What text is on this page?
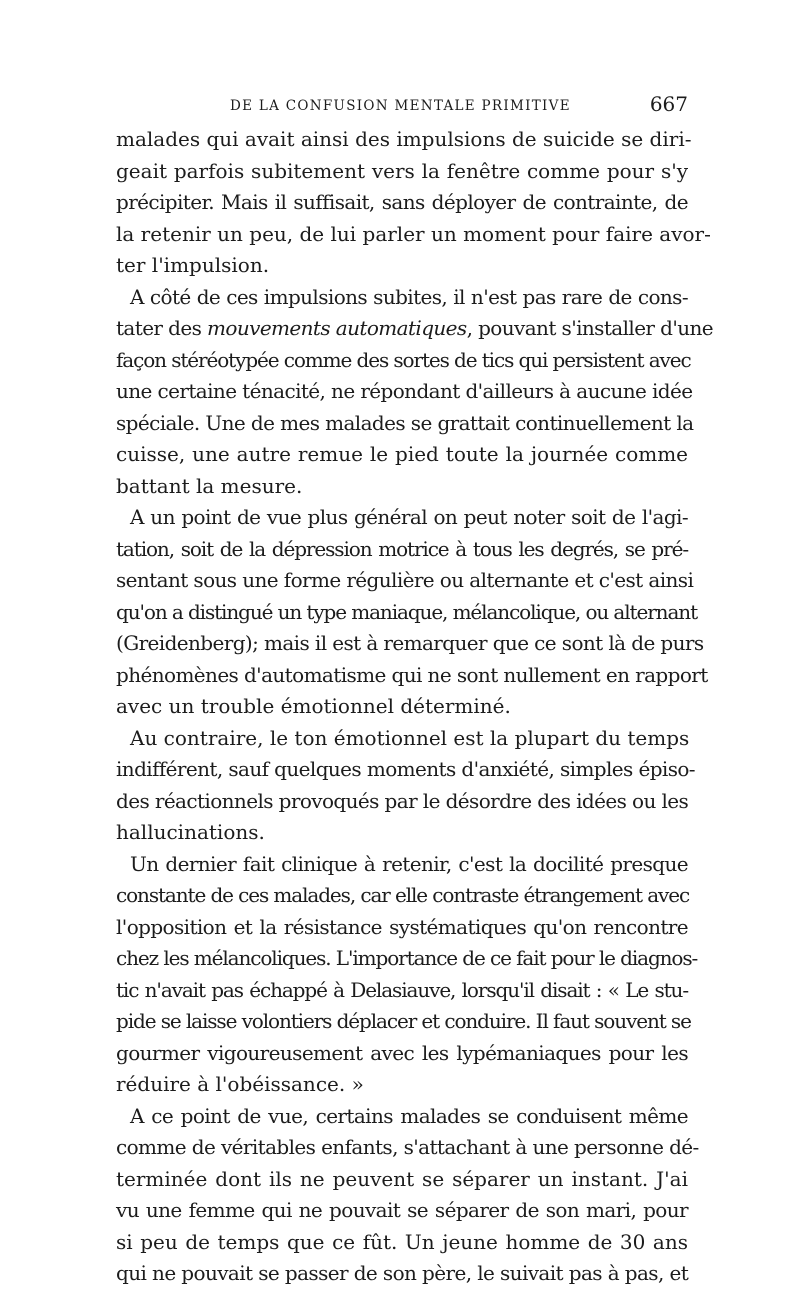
DE LA CONFUSION MENTALE PRIMITIVE	667
malades qui avait ainsi des impulsions de suicide se diri-
geait parfois subitement vers la fenêtre comme pour s'y
précipiter. Mais il suffisait, sans déployer de contrainte, de
la retenir un peu, de lui parler un moment pour faire avor-
ter l'impulsion.
A côté de ces impulsions subites, il n'est pas rare de cons-
tater des mouvements automatiques, pouvant s'installer d'une
façon stéréotypée comme des sortes de tics qui persistent avec
une certaine ténacité, ne répondant d'ailleurs à aucune idée
spéciale. Une de mes malades se grattait continuellement la
cuisse, une autre remue le pied toute la journée comme
battant la mesure.
A un point de vue plus général on peut noter soit de l'agi-
tation, soit de la dépression motrice à tous les degrés, se pré-
sentant sous une forme régulière ou alternante et c'est ainsi
qu'on a distingué un type maniaque, mélancolique, ou alternant
(Greidenberg); mais il est à remarquer que ce sont là de purs
phénomènes d'automatisme qui ne sont nullement en rapport
avec un trouble émotionnel déterminé.
Au contraire, le ton émotionnel est la plupart du temps
indifférent, sauf quelques moments d'anxiété, simples épiso-
des réactionnels provoqués par le désordre des idées ou les
hallucinations.
Un dernier fait clinique à retenir, c'est la docilité presque
constante de ces malades, car elle contraste étrangement avec
l'opposition et la résistance systématiques qu'on rencontre
chez les mélancoliques. L'importance de ce fait pour le diagnos-
tic n'avait pas échappé à Delasiauve, lorsqu'il disait : « Le stu-
pide se laisse volontiers déplacer et conduire. Il faut souvent se
gourmer vigoureusement avec les lypémaniaques pour les
réduire à l'obéissance. »
A ce point de vue, certains malades se conduisent même
comme de véritables enfants, s'attachant à une personne dé-
terminée dont ils ne peuvent se séparer un instant. J'ai
vu une femme qui ne pouvait se séparer de son mari, pour
si peu de temps que ce fût. Un jeune homme de 30 ans
qui ne pouvait se passer de son père, le suivait pas à pas, et
